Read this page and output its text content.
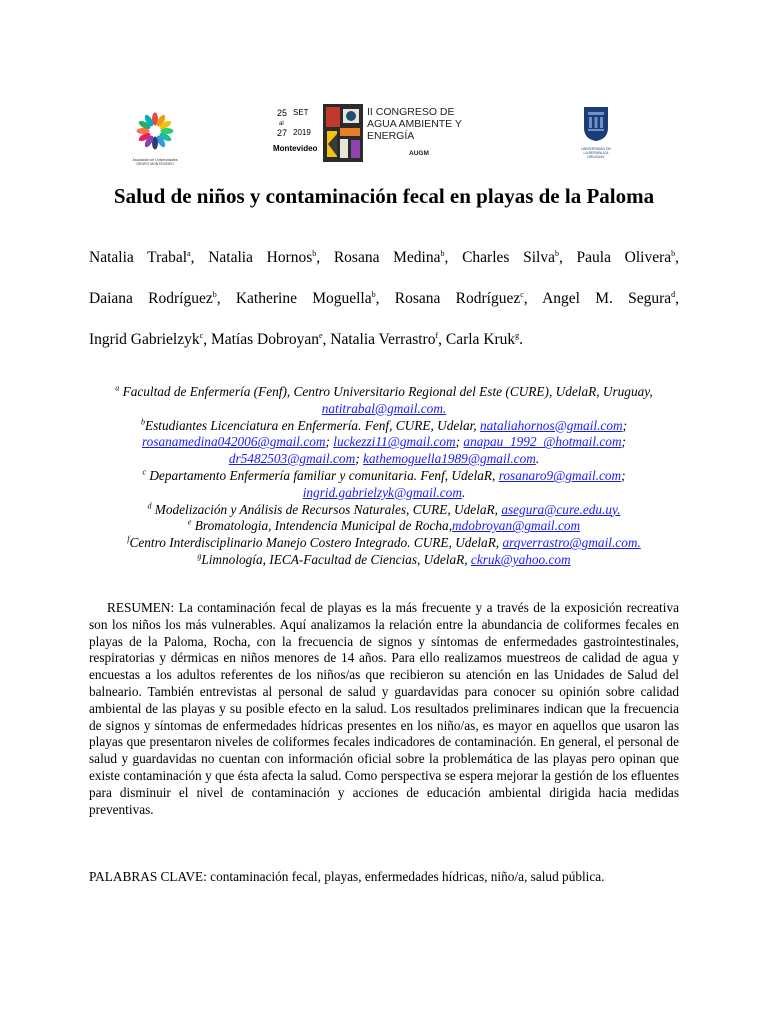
Asociación de Universidades GRUPO MONTEVIDEO
25 SET
al
27 2019
Montevideo
II CONGRESO DE AGUA AMBIENTE Y ENERGÍA
AUGM
UNIVERSIDAD DE LA REPÚBLICA URUGUAY
Salud de niños y contaminación fecal en playas de la Paloma

Natalia Trabal$^a$, Natalia Hornos$^b$, Rosana Medina$^b$, Charles Silva$^b$, Paula Olivera$^b$,

Daiana Rodríguez$^b$, Katherine Moguella$^b$, Rosana Rodríguez$^c$, Angel M. Segura$^d$,

Ingrid Gabrielzyk$^c$, Matías Dobroyan$^e$, Natalia Verrastro$^f$, Carla Kruk$^g$.

$^a$ Facultad de Enfermería (Fenf), Centro Universitario Regional del Este (CURE), UdelaR, Uruguay, natitrabal@gmail.com.
$^b$Estudiantes Licenciatura en Enfermería. Fenf, CURE, Udelar, nataliahornos@gmail.com; rosanamedina042006@gmail.com; luckezzi11@gmail.com; anapau_1992_@hotmail.com; dr5482503@gmail.com; kathemoguella1989@gmail.com.
$^c$ Departamento Enfermería familiar y comunitaria. Fenf, UdelaR, rosanaro9@gmail.com; ingrid.gabrielzyk@gmail.com.
$^d$ Modelización y Análisis de Recursos Naturales, CURE, UdelaR, asegura@cure.edu.uy.
$^e$ Bromatologia, Intendencia Municipal de Rocha,mdobroyan@gmail.com
$^f$Centro Interdisciplinario Manejo Costero Integrado. CURE, UdelaR, arqverrastro@gmail.com.
$^g$Limnología, IECA-Facultad de Ciencias, UdelaR, ckruk@yahoo.com

RESUMEN: La contaminación fecal de playas es la más frecuente y a través de la exposición recreativa son los niños los más vulnerables. Aquí analizamos la relación entre la abundancia de coliformes fecales en playas de la Paloma, Rocha, con la frecuencia de signos y síntomas de enfermedades gastrointestinales, respiratorias y dérmicas en niños menores de 14 años. Para ello realizamos muestreos de calidad de agua y encuestas a los adultos referentes de los niños/as que recibieron su atención en las Unidades de Salud del balneario. También entrevistas al personal de salud y guardavidas para conocer su opinión sobre calidad ambiental de las playas y su posible efecto en la salud. Los resultados preliminares indican que la frecuencia de signos y síntomas de enfermedades hídricas presentes en los niño/as, es mayor en aquellos que usaron las playas que presentaron niveles de coliformes fecales indicadores de contaminación. En general, el personal de salud y guardavidas no cuentan con información oficial sobre la problemática de las playas pero opinan que existe contaminación y que ésta afecta la salud. Como perspectiva se espera mejorar la gestión de los efluentes para disminuir el nivel de contaminación y acciones de educación ambiental dirigida hacia medidas preventivas.

PALABRAS CLAVE: contaminación fecal, playas, enfermedades hídricas, niño/a, salud pública.
